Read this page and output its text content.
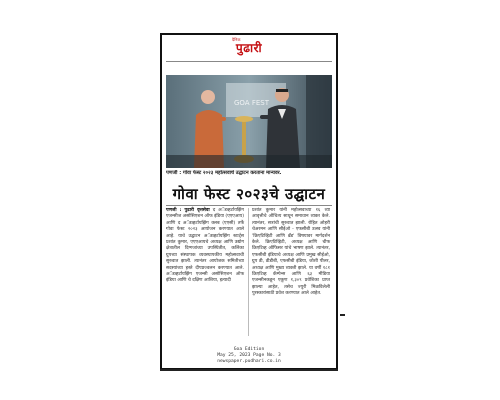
दैनिक
पुढारी
GOA FEST
पणजी : गोवा फेस्ट २०२३ महोत्सवाचे उद्घाटन करताना मान्यवर.
गोवा फेस्ट २०२३चे उद्घाटन
पणजी : पुढारी वृत्तसेवा द अॅडव्हर्टायझिंग एजन्सीज असोसिएशन ऑफ इंडिया (एएएआय) आणि द अॅडव्हर्टायझिंग क्लब (एएसी) तर्फे गोवा फेस्ट २०२३ आयोजन करण्यात आले आहे. याचे उद्घाटन अॅडव्हर्टायझिंग स्टार्ट्स प्रशांत कुमार, एएएआयचे अध्यक्ष आणि उद्योग क्षेत्रातील दिग्गजांच्या उपस्थितीत, कलिंका ग्रुपच्या संस्थापक व्यवस्थापकीय महोत्सवाची सुरुवात झाली. त्यानंतर आयोजक समितीच्या सदस्यांच्या हस्ते दीपप्रज्वलन करण्यात आले. अॅडव्हर्टायझिंग एजन्सी असोसिएशन ऑफ इंडिया आणि चे दक्षिण आशिया, इत्यादी
प्रशांत कुमार यांनी महोत्सवाच्या १६ व्या आवृत्तीचे औचित्य साधून समाधान व्यक्त केले. त्यानंतर, सत्रांची सुरुवात झाली. रोहित ओहरी चेअरमन आणि सीईओ - एफसीबी उत्स्व यांनी 'क्रिएटिव्हिटी आणि ब्रँड' विषयावर मार्गदर्शन केले. क्रिएटिव्हिटी, अध्यक्ष आणि चीफ क्रिएटिव्ह ऑफिसर यांचे भाषण झाले. त्यानंतर, एफसीबी इंडियाचे अध्यक्ष आणि प्रमुख सीईओ, ग्रुप डी, डीडीबी, एफसीबी इंडिया, जोशी पीलर, अध्यक्ष आणि मुख्य व्यक्ती झाले. या वर्षी १८१ क्रिएटिव्ह कॅम्पेन्स आणि ६३ मीडिया एजन्सीनकडून एकूण १,३०९ प्रवेशिका प्राप्त झाल्या आहेत, तसेच ज्युरी मिळविलेली पुरस्कारांसाठी प्रवेश करण्यात आले आहेत.
Goa Edition
May 25, 2023 Page No. 3
newspaper.pudhari.co.in
